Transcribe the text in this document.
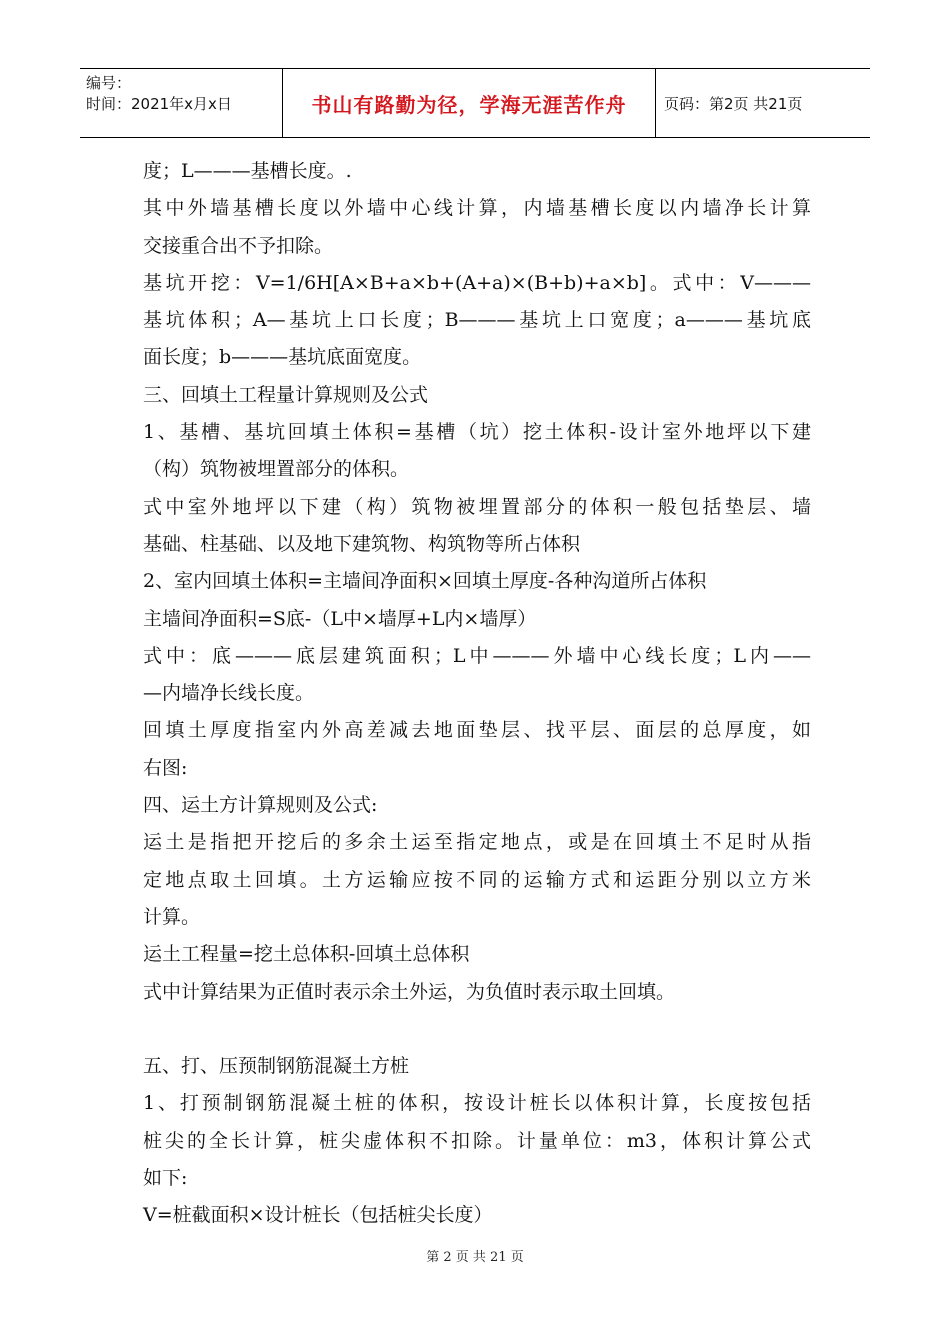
编号：
时间：2021年x月x日	书山有路勤为径，学海无涯苦作舟	页码：第2页 共21页
度；L———基槽长度。.
其中外墙基槽长度以外墙中心线计算，内墙基槽长度以内墙净长计算
交接重合出不予扣除。
基坑开挖：V=1/6H[A×B+a×b+(A+a)×(B+b)+a×b]。式中：V———
基坑体积；A—基坑上口长度；B———基坑上口宽度；a———基坑底
面长度；b———基坑底面宽度。
三、回填土工程量计算规则及公式
1、基槽、基坑回填土体积=基槽（坑）挖土体积-设计室外地坪以下建
（构）筑物被埋置部分的体积。
式中室外地坪以下建（构）筑物被埋置部分的体积一般包括垫层、墙
基础、柱基础、以及地下建筑物、构筑物等所占体积
2、室内回填土体积=主墙间净面积×回填土厚度-各种沟道所占体积
主墙间净面积=S底-（L中×墙厚+L内×墙厚）
式中：底———底层建筑面积；L中———外墙中心线长度；L内——
—内墙净长线长度。
回填土厚度指室内外高差减去地面垫层、找平层、面层的总厚度，如
右图:
四、运土方计算规则及公式:
运土是指把开挖后的多余土运至指定地点，或是在回填土不足时从指
定地点取土回填。土方运输应按不同的运输方式和运距分别以立方米
计算。
运土工程量=挖土总体积-回填土总体积
式中计算结果为正值时表示余土外运，为负值时表示取土回填。
五、打、压预制钢筋混凝土方桩
1、打预制钢筋混凝土桩的体积，按设计桩长以体积计算，长度按包括
桩尖的全长计算，桩尖虚体积不扣除。计量单位：m3，体积计算公式
如下:
V=桩截面积×设计桩长（包括桩尖长度）
第 2 页 共 21 页
